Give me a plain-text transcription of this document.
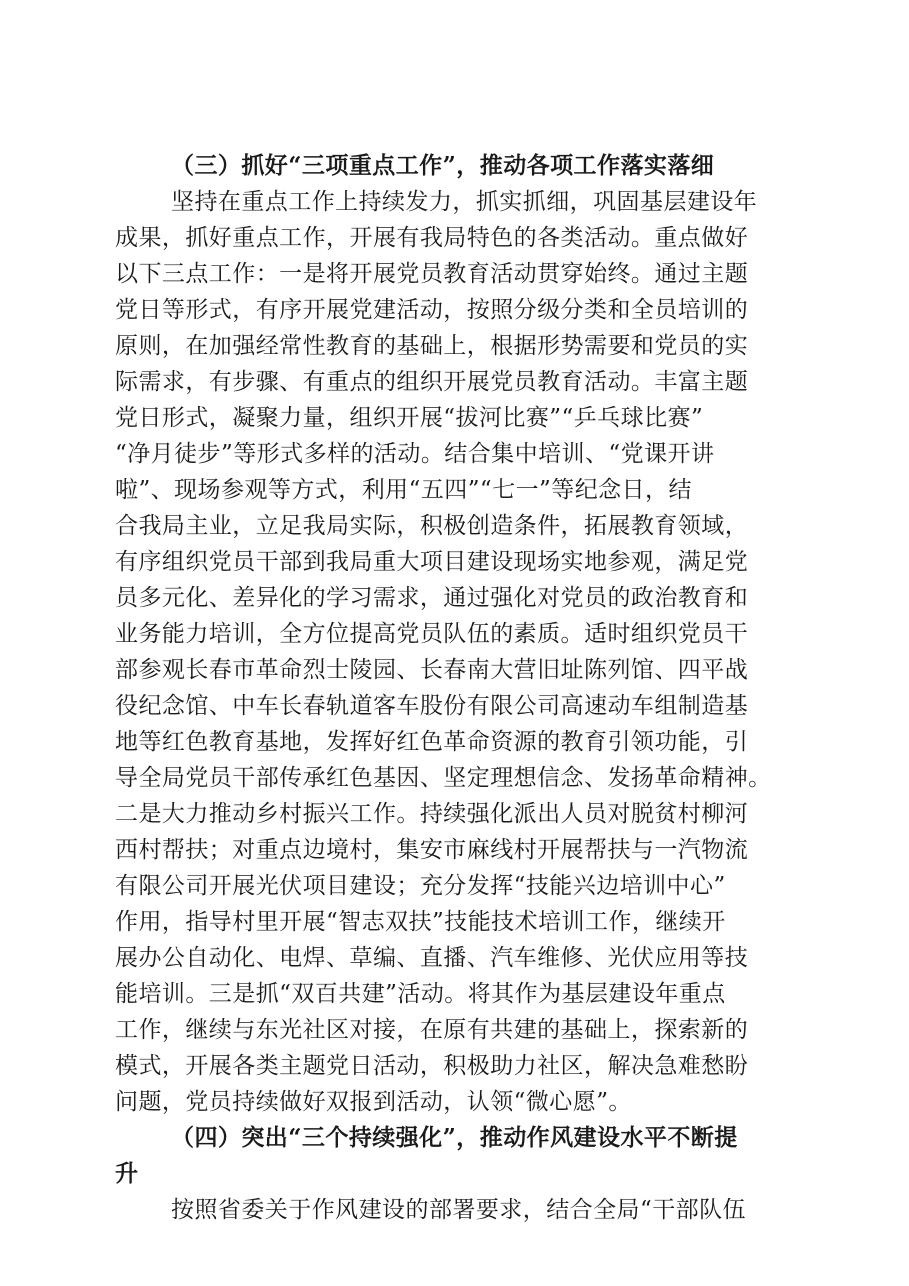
（三）抓好“三项重点工作”，推动各项工作落实落细
坚持在重点工作上持续发力，抓实抓细，巩固基层建设年
成果，抓好重点工作，开展有我局特色的各类活动。重点做好
以下三点工作：一是将开展党员教育活动贯穿始终。通过主题
党日等形式，有序开展党建活动，按照分级分类和全员培训的
原则，在加强经常性教育的基础上，根据形势需要和党员的实
际需求，有步骤、有重点的组织开展党员教育活动。丰富主题
党日形式，凝聚力量，组织开展“拔河比赛”“乒乓球比赛”
“净月徒步”等形式多样的活动。结合集中培训、“党课开讲
啦”、现场参观等方式，利用“五四”“七一”等纪念日，结
合我局主业，立足我局实际，积极创造条件，拓展教育领域，
有序组织党员干部到我局重大项目建设现场实地参观，满足党
员多元化、差异化的学习需求，通过强化对党员的政治教育和
业务能力培训，全方位提高党员队伍的素质。适时组织党员干
部参观长春市革命烈士陵园、长春南大营旧址陈列馆、四平战
役纪念馆、中车长春轨道客车股份有限公司高速动车组制造基
地等红色教育基地，发挥好红色革命资源的教育引领功能，引
导全局党员干部传承红色基因、坚定理想信念、发扬革命精神。
二是大力推动乡村振兴工作。持续强化派出人员对脱贫村柳河
西村帮扶；对重点边境村，集安市麻线村开展帮扶与一汽物流
有限公司开展光伏项目建设；充分发挥“技能兴边培训中心”
作用，指导村里开展“智志双扶”技能技术培训工作，继续开
展办公自动化、电焊、草编、直播、汽车维修、光伏应用等技
能培训。三是抓“双百共建”活动。将其作为基层建设年重点
工作，继续与东光社区对接，在原有共建的基础上，探索新的
模式，开展各类主题党日活动，积极助力社区，解决急难愁盼
问题，党员持续做好双报到活动，认领“微心愿”。
（四）突出“三个持续强化”，推动作风建设水平不断提
升
按照省委关于作风建设的部署要求，结合全局“干部队伍
